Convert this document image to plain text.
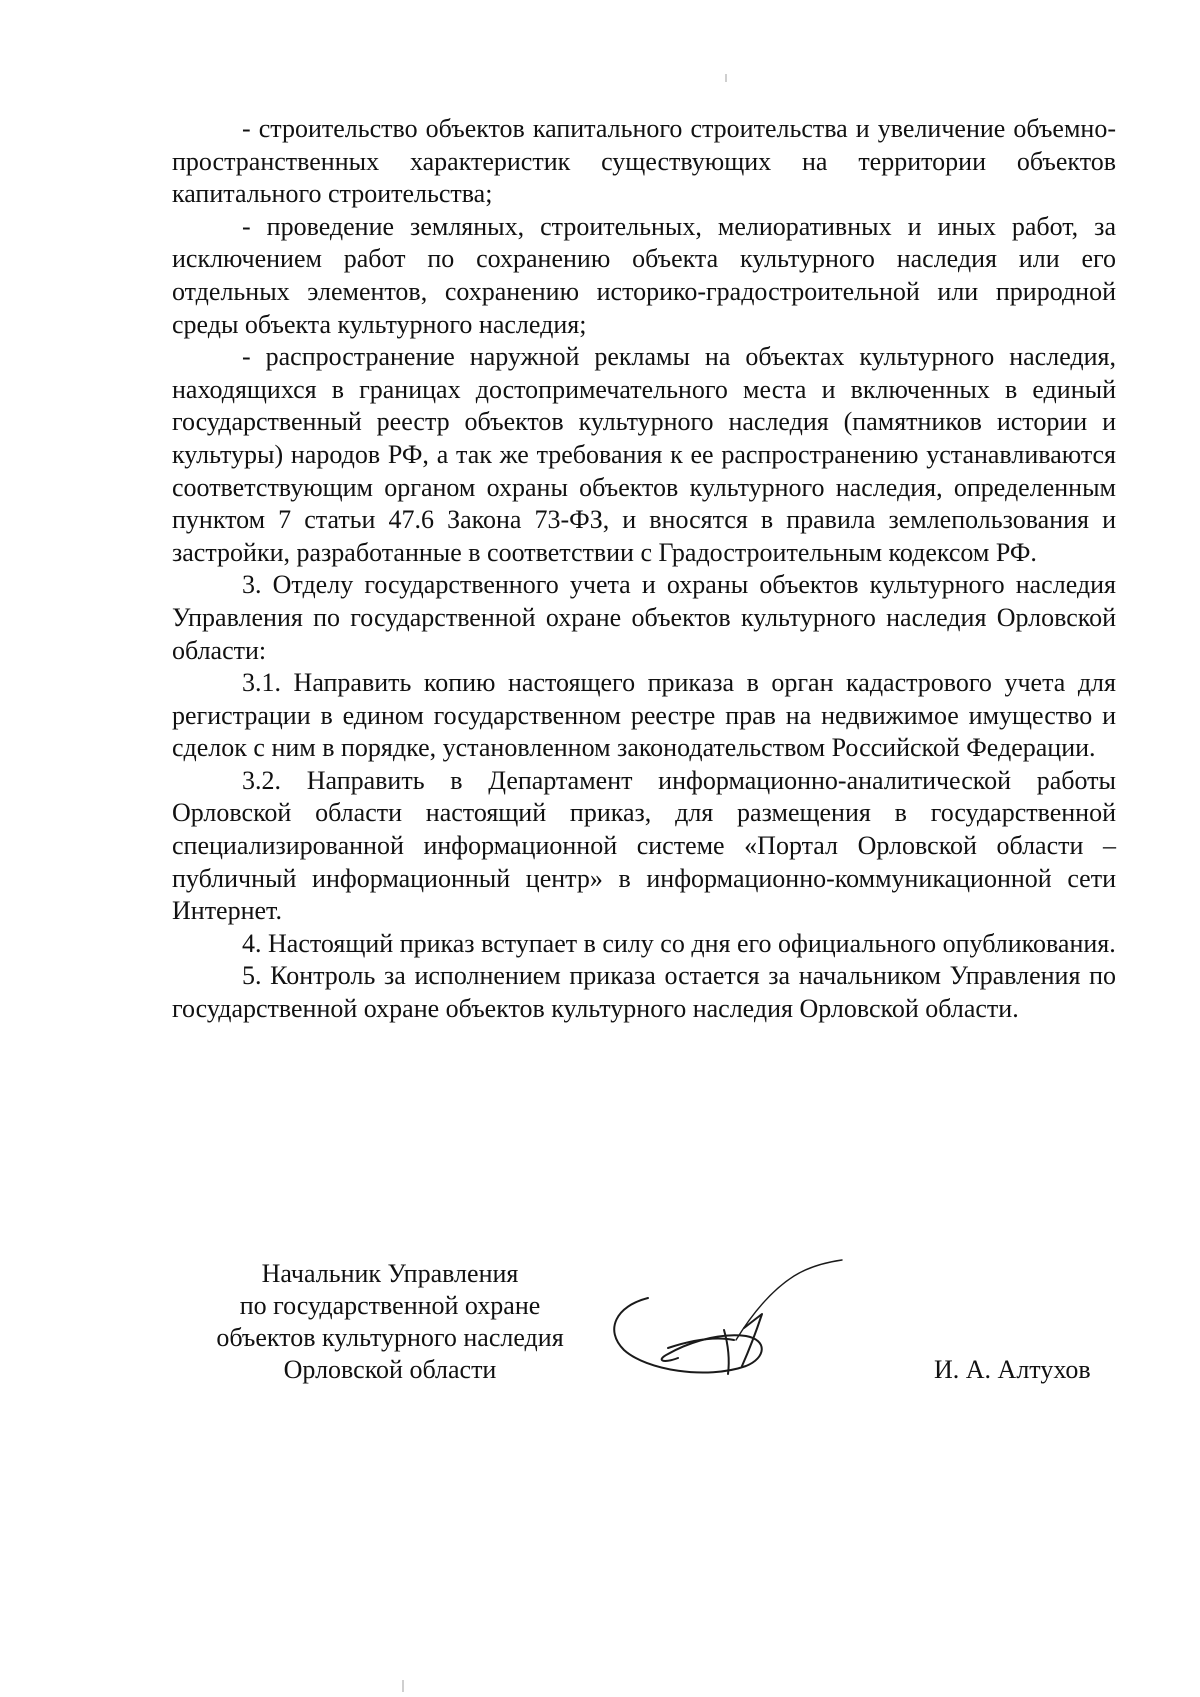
- строительство объектов капитального строительства и увеличение объемно-пространственных характеристик существующих на территории объектов капитального строительства;

- проведение земляных, строительных, мелиоративных и иных работ, за исключением работ по сохранению объекта культурного наследия или его отдельных элементов, сохранению историко-градостроительной или природной среды объекта культурного наследия;

- распространение наружной рекламы на объектах культурного наследия, находящихся в границах достопримечательного места и включенных в единый государственный реестр объектов культурного наследия (памятников истории и культуры) народов РФ, а так же требования к ее распространению устанавливаются соответствующим органом охраны объектов культурного наследия, определенным пунктом 7 статьи 47.6 Закона 73-ФЗ, и вносятся в правила землепользования и застройки, разработанные в соответствии с Градостроительным кодексом РФ.

3. Отделу государственного учета и охраны объектов культурного наследия Управления по государственной охране объектов культурного наследия Орловской области:

3.1. Направить копию настоящего приказа в орган кадастрового учета для регистрации в едином государственном реестре прав на недвижимое имущество и сделок с ним в порядке, установленном законодательством Российской Федерации.

3.2. Направить в Департамент информационно-аналитической работы Орловской области настоящий приказ, для размещения в государственной специализированной информационной системе «Портал Орловской области – публичный информационный центр» в информационно-коммуникационной сети Интернет.

4. Настоящий приказ вступает в силу со дня его официального опубликования.

5. Контроль за исполнением приказа остается за начальником Управления по государственной охране объектов культурного наследия Орловской области.

Начальник Управления
по государственной охране
объектов культурного наследия
Орловской области	И. А. Алтухов
